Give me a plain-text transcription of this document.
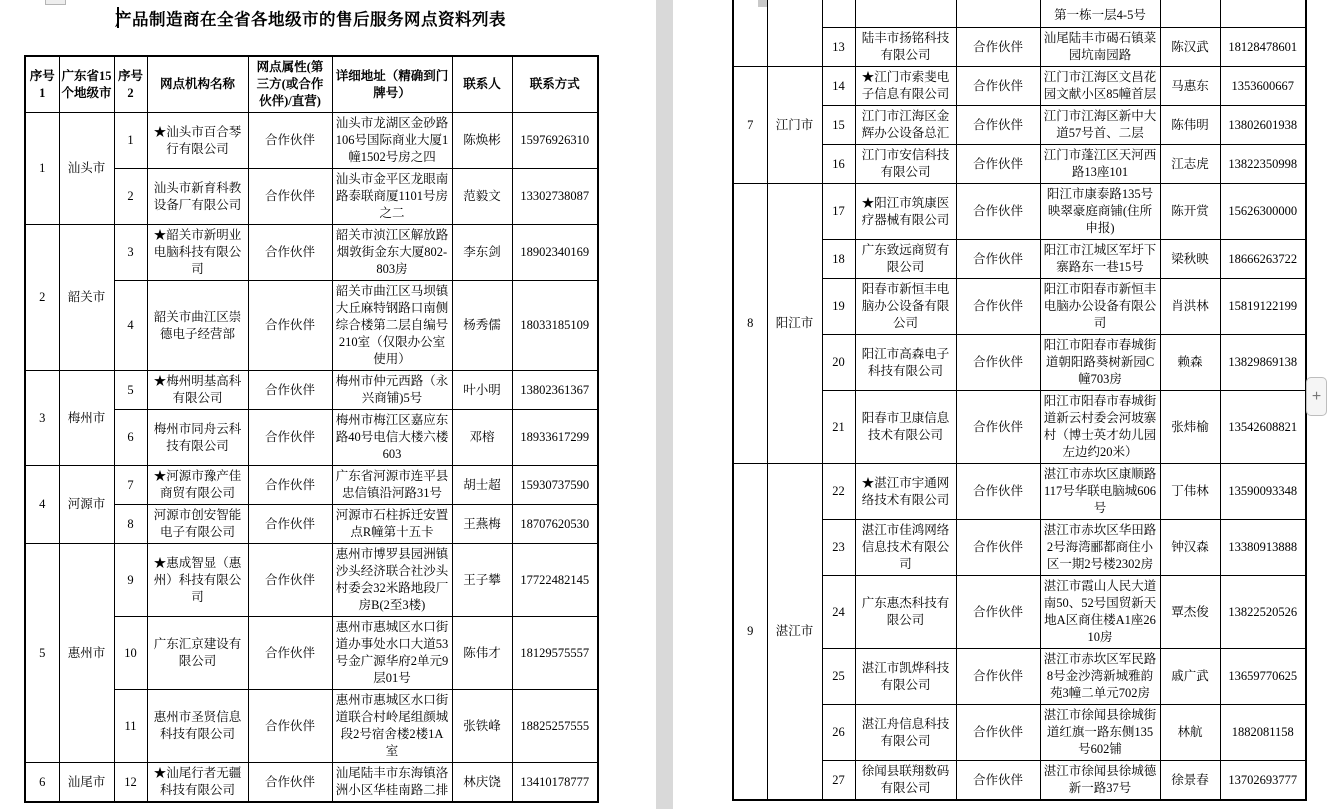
产品制造商在全省各地级市的售后服务网点资料列表
序号1	广东省15个地级市	序号2	网点机构名称	网点属性(第三方(或合作伙伴)/直营)	详细地址（精确到门牌号）	联系人	联系方式
1	汕头市	1	★汕头市百合琴行有限公司	合作伙伴	汕头市龙湖区金砂路106号国际商业大厦1幢1502号房之四	陈焕彬	15976926310
		2	汕头市新育科教设备厂有限公司	合作伙伴	汕头市金平区龙眼南路泰联商厦1101号房之二	范毅文	13302738087
2	韶关市	3	★韶关市新明业电脑科技有限公司	合作伙伴	韶关市浈江区解放路烟敦街金东大厦802-803房	李东剑	18902340169
		4	韶关市曲江区崇德电子经营部	合作伙伴	韶关市曲江区马坝镇大丘麻特钢路口南侧综合楼第二层自编号210室（仅限办公室使用）	杨秀儒	18033185109
3	梅州市	5	★梅州明基高科有限公司	合作伙伴	梅州市仲元西路（永兴商铺)5号	叶小明	13802361367
		6	梅州市同舟云科技有限公司	合作伙伴	梅州市梅江区嘉应东路40号电信大楼六楼603	邓榕	18933617299
4	河源市	7	★河源市豫产佳商贸有限公司	合作伙伴	广东省河源市连平县忠信镇沿河路31号	胡士超	15930737590
		8	河源市创安智能电子有限公司	合作伙伴	河源市石柱拆迁安置点R幢第十五卡	王燕梅	18707620530
5	惠州市	9	★惠成智显（惠州）科技有限公司	合作伙伴	惠州市博罗县园洲镇沙头经济联合社沙头村委会32米路地段厂房B(2至3楼)	王子攀	17722482145
		10	广东汇京建设有限公司	合作伙伴	惠州市惠城区水口街道办事处水口大道53号金广源华府2单元9层01号	陈伟才	18129575557
		11	惠州市圣贤信息科技有限公司	合作伙伴	惠州市惠城区水口街道联合村岭尾组颜城段2号宿舍楼2楼1A室	张铁峰	18825257555
6	汕尾市	12	★汕尾行者无疆科技有限公司	合作伙伴	汕尾陆丰市东海镇洛洲小区华桂南路二排	林庆饶	13410178777
					第一栋一层4-5号		
		13	陆丰市扬铭科技有限公司	合作伙伴	汕尾陆丰市碣石镇菜园坑南园路	陈汉武	18128478601
7	江门市	14	★江门市索斐电子信息有限公司	合作伙伴	江门市江海区文昌花园文献小区85幢首层	马惠东	1353600667
		15	江门市江海区金辉办公设备总汇	合作伙伴	江门市江海区新中大道57号首、二层	陈伟明	13802601938
		16	江门市安信科技有限公司	合作伙伴	江门市蓬江区天河西路13座101	江志虎	13822350998
8	阳江市	17	★阳江市筑康医疗器械有限公司	合作伙伴	阳江市康泰路135号映翠豪庭商铺(住所申报)	陈开赏	15626300000
		18	广东致远商贸有限公司	合作伙伴	阳江市江城区军圩下寨路东一巷15号	梁秋映	18666263722
		19	阳春市新恒丰电脑办公设备有限公司	合作伙伴	阳江市阳春市新恒丰电脑办公设备有限公司	肖洪林	15819122199
		20	阳江市高森电子科技有限公司	合作伙伴	阳江市阳春市春城街道朝阳路葵树新园C幢703房	赖森	13829869138
		21	阳春市卫康信息技术有限公司	合作伙伴	阳江市阳春市春城街道新云村委会河坡寨村（博士英才幼儿园左边约20米）	张炜榆	13542608821
9	湛江市	22	★湛江市宇通网络技术有限公司	合作伙伴	湛江市赤坎区康顺路117号华联电脑城606号	丁伟林	13590093348
		23	湛江市佳鸿网络信息技术有限公司	合作伙伴	湛江市赤坎区华田路2号海湾郦都商住小区一期2号楼2302房	钟汉森	13380913888
		24	广东惠杰科技有限公司	合作伙伴	湛江市霞山人民大道南50、52号国贸新天地A区商住楼A1座2610房	覃杰俊	13822520526
		25	湛江市凯烨科技有限公司	合作伙伴	湛江市赤坎区军民路8号金沙湾新城雅韵苑3幢二单元702房	戚广武	13659770625
		26	湛江舟信息科技有限公司	合作伙伴	湛江市徐闻县徐城街道红旗一路东侧135号602铺	林航	1882081158
		27	徐闻县联翔数码有限公司	合作伙伴	湛江市徐闻县徐城德新一路37号	徐景春	13702693777
+
